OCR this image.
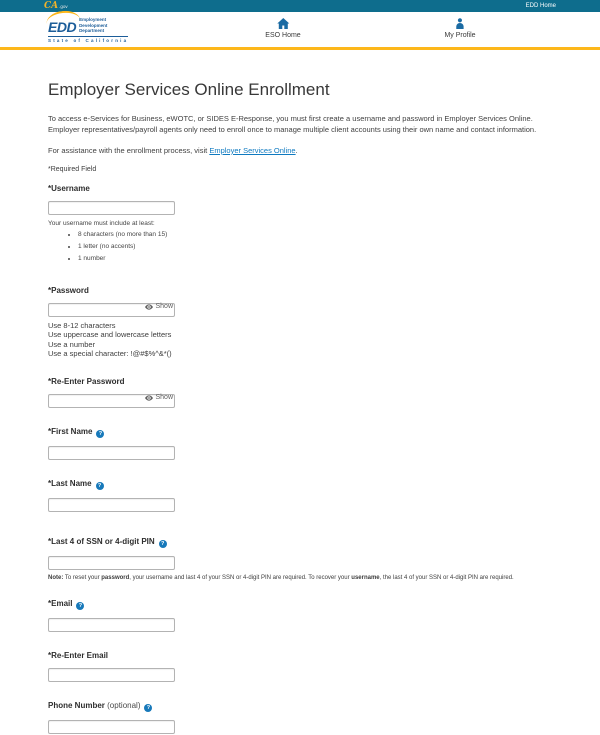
CA .gov	EDD Home
EDD Employment
Development
Department
State of California
ESO Home	My Profile
Employer Services Online Enrollment

To access e-Services for Business, eWOTC, or SIDES E-Response, you must first create a username and password in Employer Services Online. Employer representatives/payroll agents only need to enroll once to manage multiple client accounts using their own name and contact information.

For assistance with the enrollment process, visit Employer Services Online.

*Required Field

*Username
Your username must include at least:
• 8 characters (no more than 15)
• 1 letter (no accents)
• 1 number
*Password
Show
Use 8-12 characters
Use uppercase and lowercase letters
Use a number
Use a special character: !@#$%^&*()
*Re-Enter Password
Show
*First Name ?
*Last Name ?
*Last 4 of SSN or 4-digit PIN ?
Note: To reset your password, your username and last 4 of your SSN or 4-digit PIN are required. To recover your username, the last 4 of your SSN or 4-digit PIN are required.
*Email ?
*Re-Enter Email
Phone Number (optional) ?
